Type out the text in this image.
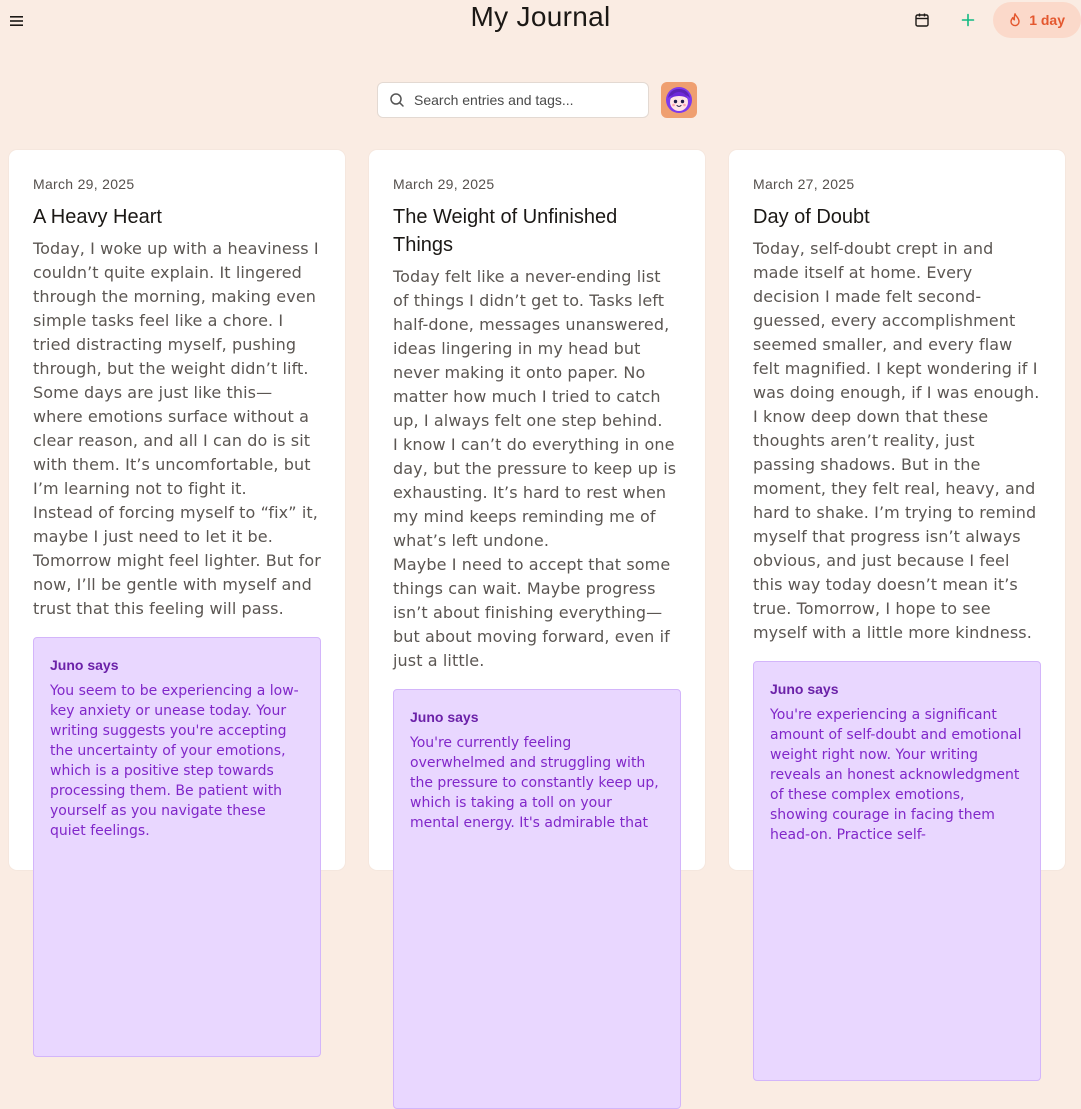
My Journal	1 day
Search entries and tags...
March 29, 2025
A Heavy Heart

Today, I woke up with a heaviness I couldn’t quite explain. It lingered through the morning, making even simple tasks feel like a chore. I tried distracting myself, pushing through, but the weight didn’t lift. Some days are just like this—where emotions surface without a clear reason, and all I can do is sit with them. It’s uncomfortable, but I’m learning not to fight it.

Instead of forcing myself to “fix” it, maybe I just need to let it be. Tomorrow might feel lighter. But for now, I’ll be gentle with myself and trust that this feeling will pass.

Juno says
You seem to be experiencing a low-key anxiety or unease today. Your writing suggests you're accepting the uncertainty of your emotions, which is a positive step towards processing them. Be patient with yourself as you navigate these quiet feelings.
March 29, 2025
The Weight of Unfinished Things

Today felt like a never-ending list of things I didn’t get to. Tasks left half-done, messages unanswered, ideas lingering in my head but never making it onto paper. No matter how much I tried to catch up, I always felt one step behind.

I know I can’t do everything in one day, but the pressure to keep up is exhausting. It’s hard to rest when my mind keeps reminding me of what’s left undone.

Maybe I need to accept that some things can wait. Maybe progress isn’t about finishing everything—but about moving forward, even if just a little.

Juno says
You're currently feeling overwhelmed and struggling with the pressure to constantly keep up, which is taking a toll on your mental energy. It's admirable that
March 27, 2025
Day of Doubt

Today, self-doubt crept in and made itself at home. Every decision I made felt second-guessed, every accomplishment seemed smaller, and every flaw felt magnified. I kept wondering if I was doing enough, if I was enough.

I know deep down that these thoughts aren’t reality, just passing shadows. But in the moment, they felt real, heavy, and hard to shake. I’m trying to remind myself that progress isn’t always obvious, and just because I feel this way today doesn’t mean it’s true. Tomorrow, I hope to see myself with a little more kindness.

Juno says
You're experiencing a significant amount of self-doubt and emotional weight right now. Your writing reveals an honest acknowledgment of these complex emotions, showing courage in facing them head-on. Practice self-
